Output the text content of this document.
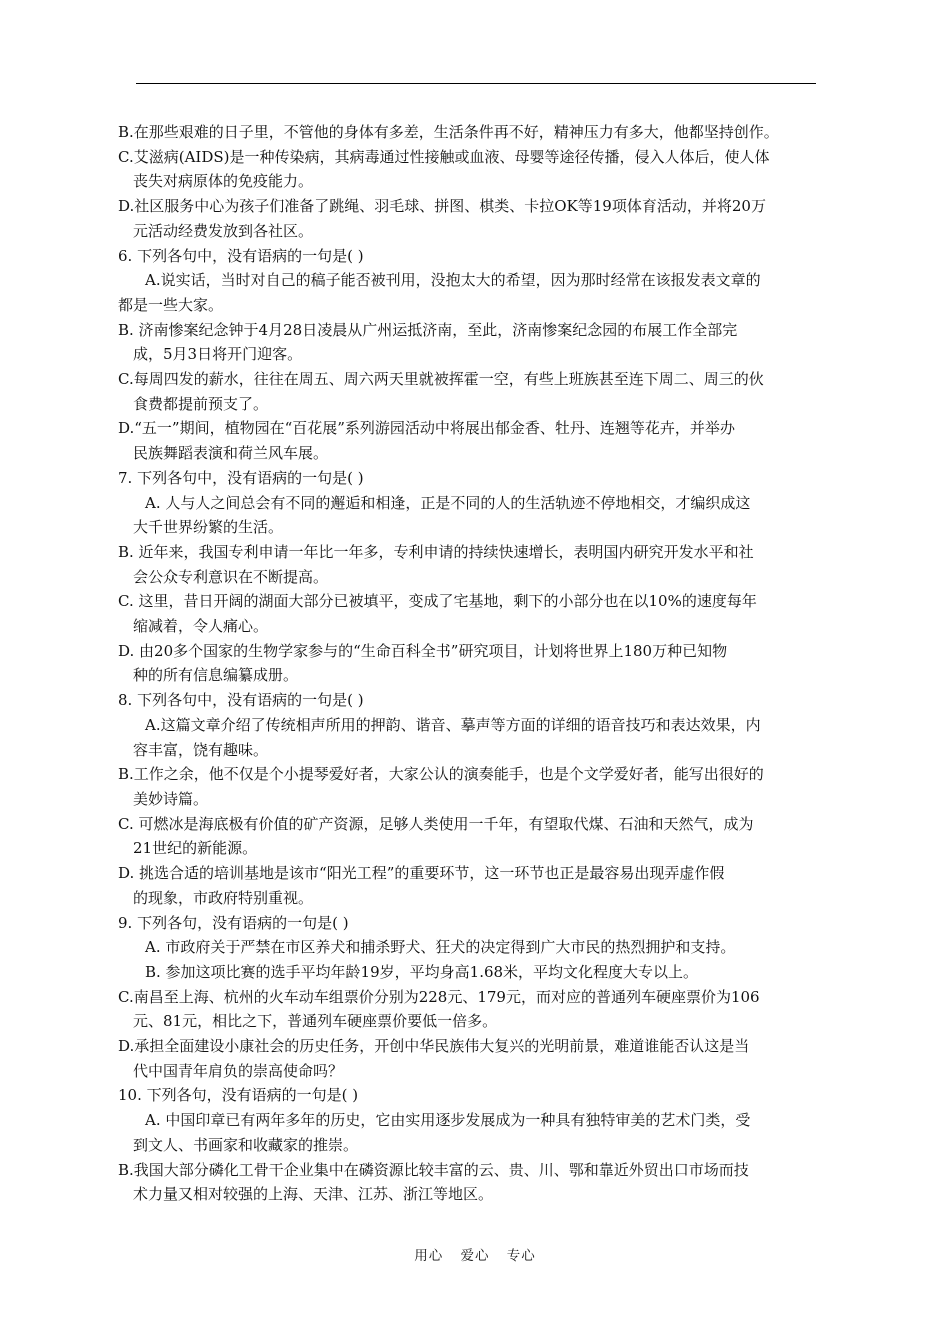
B.在那些艰难的日子里，不管他的身体有多差，生活条件再不好，精神压力有多大，他都坚持创作。

C.艾滋病(AIDS)是一种传染病，其病毒通过性接触或血液、母婴等途径传播，侵入人体后，使人体

丧失对病原体的免疫能力。

D.社区服务中心为孩子们准备了跳绳、羽毛球、拼图、棋类、卡拉OK等19项体育活动，并将20万

元活动经费发放到各社区。

6. 下列各句中，没有语病的一句是( )

A.说实话，当时对自己的稿子能否被刊用，没抱太大的希望，因为那时经常在该报发表文章的

都是一些大家。

B. 济南惨案纪念钟于4月28日凌晨从广州运抵济南，至此，济南惨案纪念园的布展工作全部完

成，5月3日将开门迎客。

C.每周四发的薪水，往往在周五、周六两天里就被挥霍一空，有些上班族甚至连下周二、周三的伙

食费都提前预支了。

D.“五一”期间，植物园在“百花展”系列游园活动中将展出郁金香、牡丹、连翘等花卉，并举办

民族舞蹈表演和荷兰风车展。

7. 下列各句中，没有语病的一句是( )

A. 人与人之间总会有不同的邂逅和相逢，正是不同的人的生活轨迹不停地相交，才编织成这

大千世界纷繁的生活。

B. 近年来，我国专利申请一年比一年多，专利申请的持续快速增长，表明国内研究开发水平和社

会公众专利意识在不断提高。

C. 这里，昔日开阔的湖面大部分已被填平，变成了宅基地，剩下的小部分也在以10%的速度每年

缩减着，令人痛心。

D. 由20多个国家的生物学家参与的“生命百科全书”研究项目，计划将世界上180万种已知物

种的所有信息编纂成册。

8. 下列各句中，没有语病的一句是( )

A.这篇文章介绍了传统相声所用的押韵、谐音、摹声等方面的详细的语音技巧和表达效果，内

容丰富，饶有趣味。

B.工作之余，他不仅是个小提琴爱好者，大家公认的演奏能手，也是个文学爱好者，能写出很好的

美妙诗篇。

C. 可燃冰是海底极有价值的矿产资源，足够人类使用一千年，有望取代煤、石油和天然气，成为

21世纪的新能源。

D. 挑选合适的培训基地是该市“阳光工程”的重要环节，这一环节也正是最容易出现弄虚作假

的现象，市政府特别重视。

9. 下列各句，没有语病的一句是( )

A. 市政府关于严禁在市区养犬和捕杀野犬、狂犬的决定得到广大市民的热烈拥护和支持。

B. 参加这项比赛的选手平均年龄19岁，平均身高1.68米，平均文化程度大专以上。

C.南昌至上海、杭州的火车动车组票价分别为228元、179元，而对应的普通列车硬座票价为106

元、81元，相比之下，普通列车硬座票价要低一倍多。

D.承担全面建设小康社会的历史任务，开创中华民族伟大复兴的光明前景，难道谁能否认这是当

代中国青年肩负的崇高使命吗？

10. 下列各句，没有语病的一句是( )

A. 中国印章已有两年多年的历史，它由实用逐步发展成为一种具有独特审美的艺术门类，受

到文人、书画家和收藏家的推崇。

B.我国大部分磷化工骨干企业集中在磷资源比较丰富的云、贵、川、鄂和靠近外贸出口市场而技

术力量又相对较强的上海、天津、江苏、浙江等地区。

用心 爱心 专心
